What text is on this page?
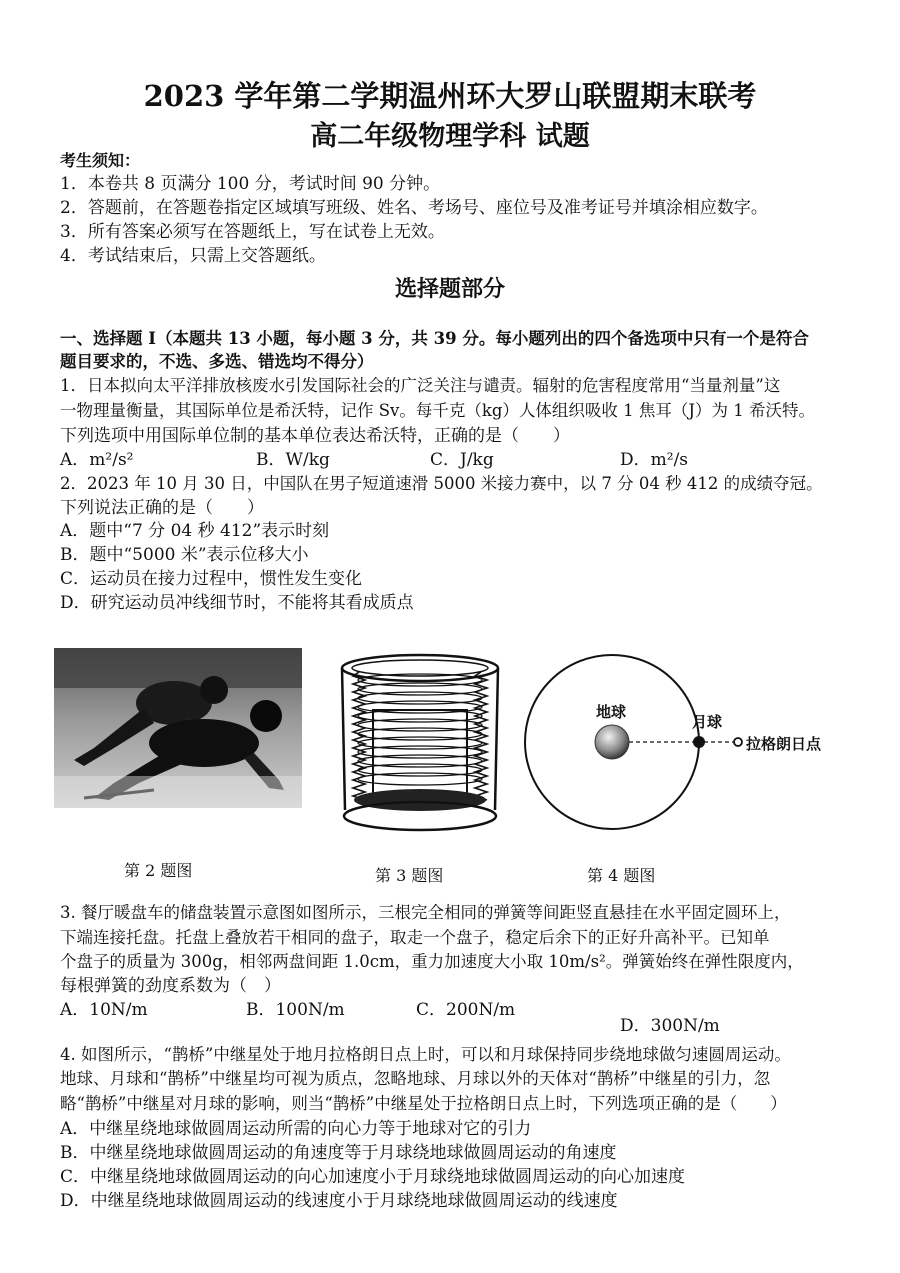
2023 学年第二学期温州环大罗山联盟期末联考
高二年级物理学科 试题
考生须知：
1．本卷共 8 页满分 100 分，考试时间 90 分钟。
2．答题前，在答题卷指定区域填写班级、姓名、考场号、座位号及准考证号并填涂相应数字。
3．所有答案必须写在答题纸上，写在试卷上无效。
4．考试结束后，只需上交答题纸。
选择题部分
一、选择题 I（本题共 13 小题，每小题 3 分，共 39 分。每小题列出的四个备选项中只有一个是符合
题目要求的，不选、多选、错选均不得分）
1．日本拟向太平洋排放核废水引发国际社会的广泛关注与谴责。辐射的危害程度常用“当量剂量”这
一物理量衡量，其国际单位是希沃特，记作 Sv。每千克（kg）人体组织吸收 1 焦耳（J）为 1 希沃特。
下列选项中用国际单位制的基本单位表达希沃特，正确的是（　　）
A．m²/s²	B．W/kg	C．J/kg	D．m²/s
2．2023 年 10 月 30 日，中国队在男子短道速滑 5000 米接力赛中，以 7 分 04 秒 412 的成绩夺冠。
下列说法正确的是（　　）
A．题中“7 分 04 秒 412”表示时刻
B．题中“5000 米”表示位移大小
C．运动员在接力过程中，惯性发生变化
D．研究运动员冲线细节时，不能将其看成质点
地球
月球
拉格朗日点
第 2 题图	第 3 题图	第 4 题图
3. 餐厅暖盘车的储盘装置示意图如图所示，三根完全相同的弹簧等间距竖直悬挂在水平固定圆环上，
下端连接托盘。托盘上叠放若干相同的盘子，取走一个盘子，稳定后余下的正好升高补平。已知单
个盘子的质量为 300g，相邻两盘间距 1.0cm，重力加速度大小取 10m/s²。弹簧始终在弹性限度内，
每根弹簧的劲度系数为（　）
A．10N/m	B．100N/m	C．200N/m
D．300N/m
4. 如图所示，“鹊桥”中继星处于地月拉格朗日点上时，可以和月球保持同步绕地球做匀速圆周运动。
地球、月球和“鹊桥”中继星均可视为质点，忽略地球、月球以外的天体对“鹊桥”中继星的引力，忽
略“鹊桥”中继星对月球的影响，则当“鹊桥”中继星处于拉格朗日点上时，下列选项正确的是（　　）
A．中继星绕地球做圆周运动所需的向心力等于地球对它的引力
B．中继星绕地球做圆周运动的角速度等于月球绕地球做圆周运动的角速度
C．中继星绕地球做圆周运动的向心加速度小于月球绕地球做圆周运动的向心加速度
D．中继星绕地球做圆周运动的线速度小于月球绕地球做圆周运动的线速度
